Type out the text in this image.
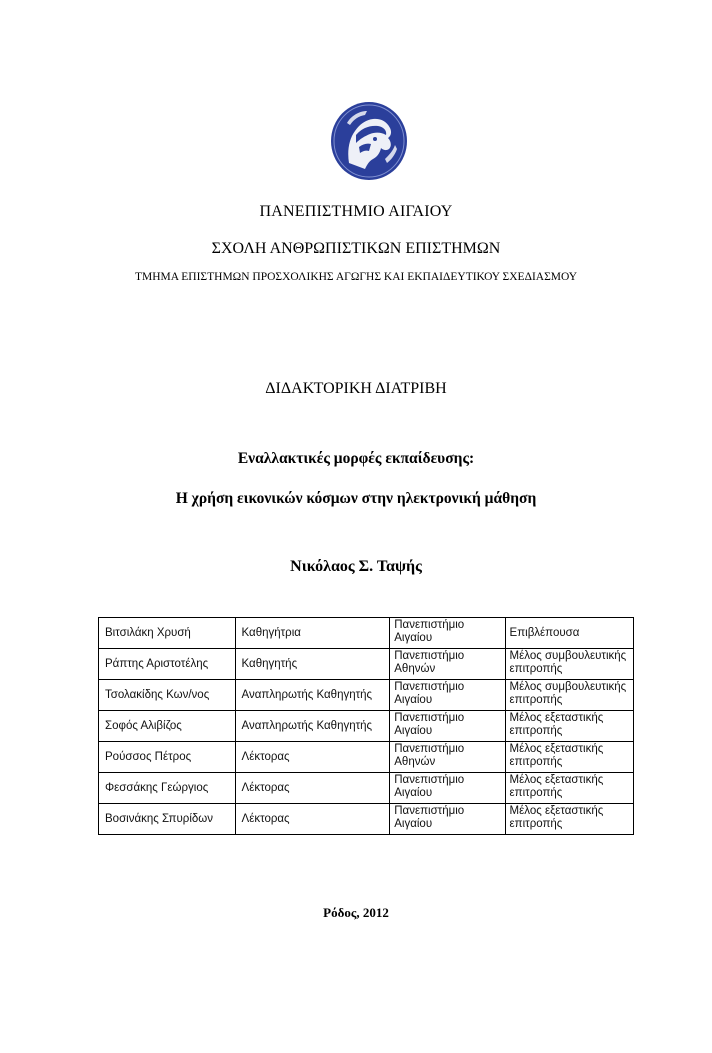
ΠΑΝΕΠΙΣΤΗΜΙΟ ΑΙΓΑΙΟΥ
ΣΧΟΛΗ ΑΝΘΡΩΠΙΣΤΙΚΩΝ ΕΠΙΣΤΗΜΩΝ
ΤΜΗΜΑ ΕΠΙΣΤΗΜΩΝ ΠΡΟΣΧΟΛΙΚΗΣ ΑΓΩΓΗΣ ΚΑΙ ΕΚΠΑΙΔΕΥΤΙΚΟΥ ΣΧΕΔΙΑΣΜΟΥ
ΔΙΔΑΚΤΟΡΙΚΗ ΔΙΑΤΡΙΒΗ
Εναλλακτικές μορφές εκπαίδευσης:
Η χρήση εικονικών κόσμων στην ηλεκτρονική μάθηση
Νικόλαος Σ. Ταψής
Βιτσιλάκη Χρυσή	Καθηγήτρια	Πανεπιστήμιο Αιγαίου	Επιβλέπουσα
Ράπτης Αριστοτέλης	Καθηγητής	Πανεπιστήμιο Αθηνών	Μέλος συμβουλευτικής επιτροπής
Τσολακίδης Κων/νος	Αναπληρωτής Καθηγητής	Πανεπιστήμιο Αιγαίου	Μέλος συμβουλευτικής επιτροπής
Σοφός Αλιβίζος	Αναπληρωτής Καθηγητής	Πανεπιστήμιο Αιγαίου	Μέλος εξεταστικής επιτροπής
Ρούσσος Πέτρος	Λέκτορας	Πανεπιστήμιο Αθηνών	Μέλος εξεταστικής επιτροπής
Φεσσάκης Γεώργιος	Λέκτορας	Πανεπιστήμιο Αιγαίου	Μέλος εξεταστικής επιτροπής
Βοσινάκης Σπυρίδων	Λέκτορας	Πανεπιστήμιο Αιγαίου	Μέλος εξεταστικής επιτροπής
Ρόδος, 2012
